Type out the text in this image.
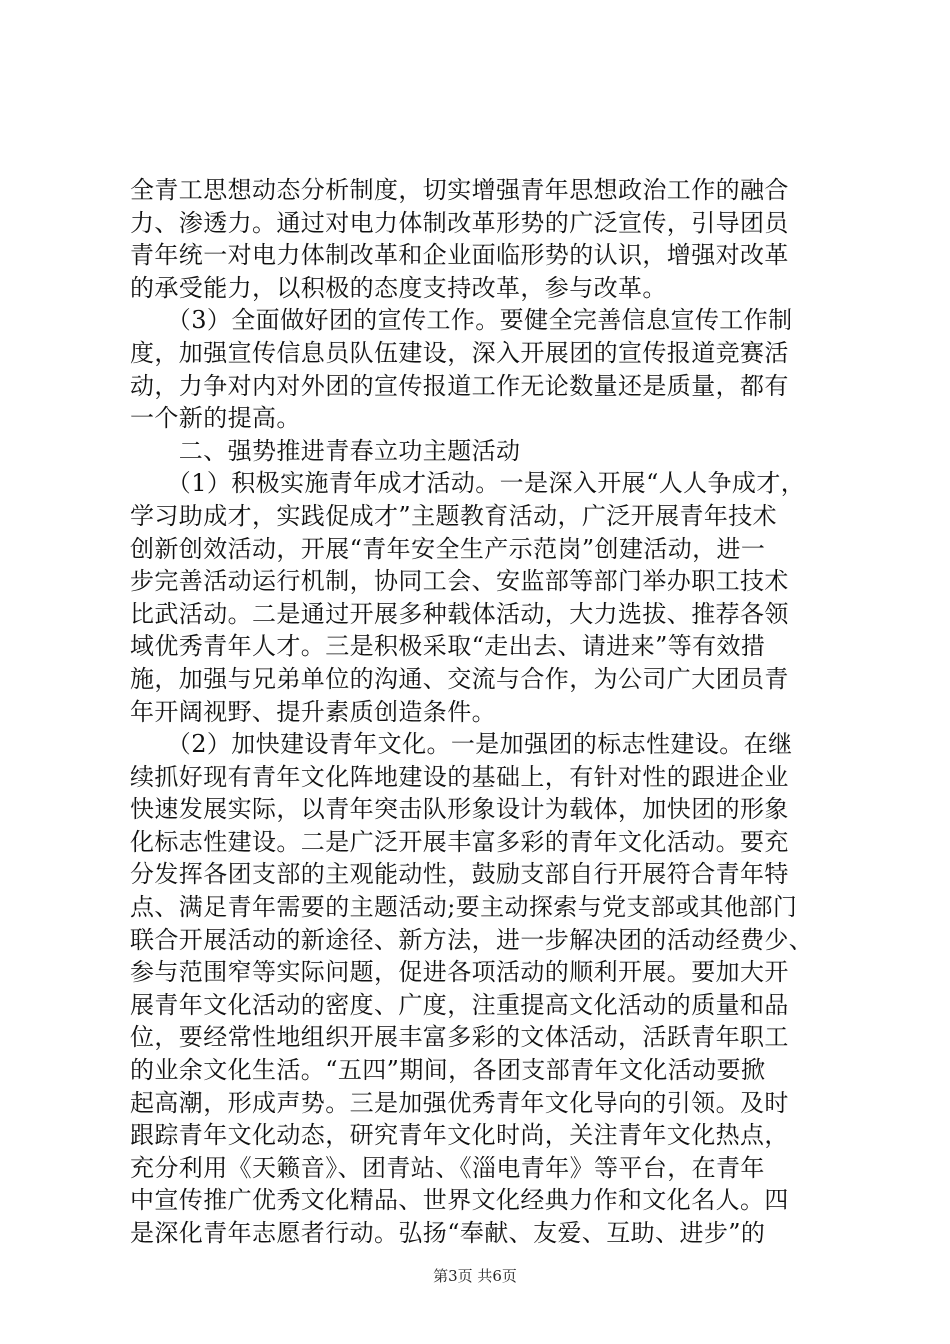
全青工思想动态分析制度，切实增强青年思想政治工作的融合
力、渗透力。通过对电力体制改革形势的广泛宣传，引导团员
青年统一对电力体制改革和企业面临形势的认识，增强对改革
的承受能力，以积极的态度支持改革，参与改革。
　　（3）全面做好团的宣传工作。要健全完善信息宣传工作制
度，加强宣传信息员队伍建设，深入开展团的宣传报道竞赛活
动，力争对内对外团的宣传报道工作无论数量还是质量，都有
一个新的提高。
　　二、强势推进青春立功主题活动
　　（1）积极实施青年成才活动。一是深入开展“人人争成才，
学习助成才，实践促成才”主题教育活动，广泛开展青年技术
创新创效活动，开展“青年安全生产示范岗”创建活动，进一
步完善活动运行机制，协同工会、安监部等部门举办职工技术
比武活动。二是通过开展多种载体活动，大力选拔、推荐各领
域优秀青年人才。三是积极采取“走出去、请进来”等有效措
施，加强与兄弟单位的沟通、交流与合作，为公司广大团员青
年开阔视野、提升素质创造条件。
　　（2）加快建设青年文化。一是加强团的标志性建设。在继
续抓好现有青年文化阵地建设的基础上，有针对性的跟进企业
快速发展实际，以青年突击队形象设计为载体，加快团的形象
化标志性建设。二是广泛开展丰富多彩的青年文化活动。要充
分发挥各团支部的主观能动性，鼓励支部自行开展符合青年特
点、满足青年需要的主题活动;要主动探索与党支部或其他部门
联合开展活动的新途径、新方法，进一步解决团的活动经费少、
参与范围窄等实际问题，促进各项活动的顺利开展。要加大开
展青年文化活动的密度、广度，注重提高文化活动的质量和品
位，要经常性地组织开展丰富多彩的文体活动，活跃青年职工
的业余文化生活。“五四”期间，各团支部青年文化活动要掀
起高潮，形成声势。三是加强优秀青年文化导向的引领。及时
跟踪青年文化动态，研究青年文化时尚，关注青年文化热点，
充分利用《天籁音》、团青站、《淄电青年》等平台，在青年
中宣传推广优秀文化精品、世界文化经典力作和文化名人。四
是深化青年志愿者行动。弘扬“奉献、友爱、互助、进步”的
第3页 共6页
